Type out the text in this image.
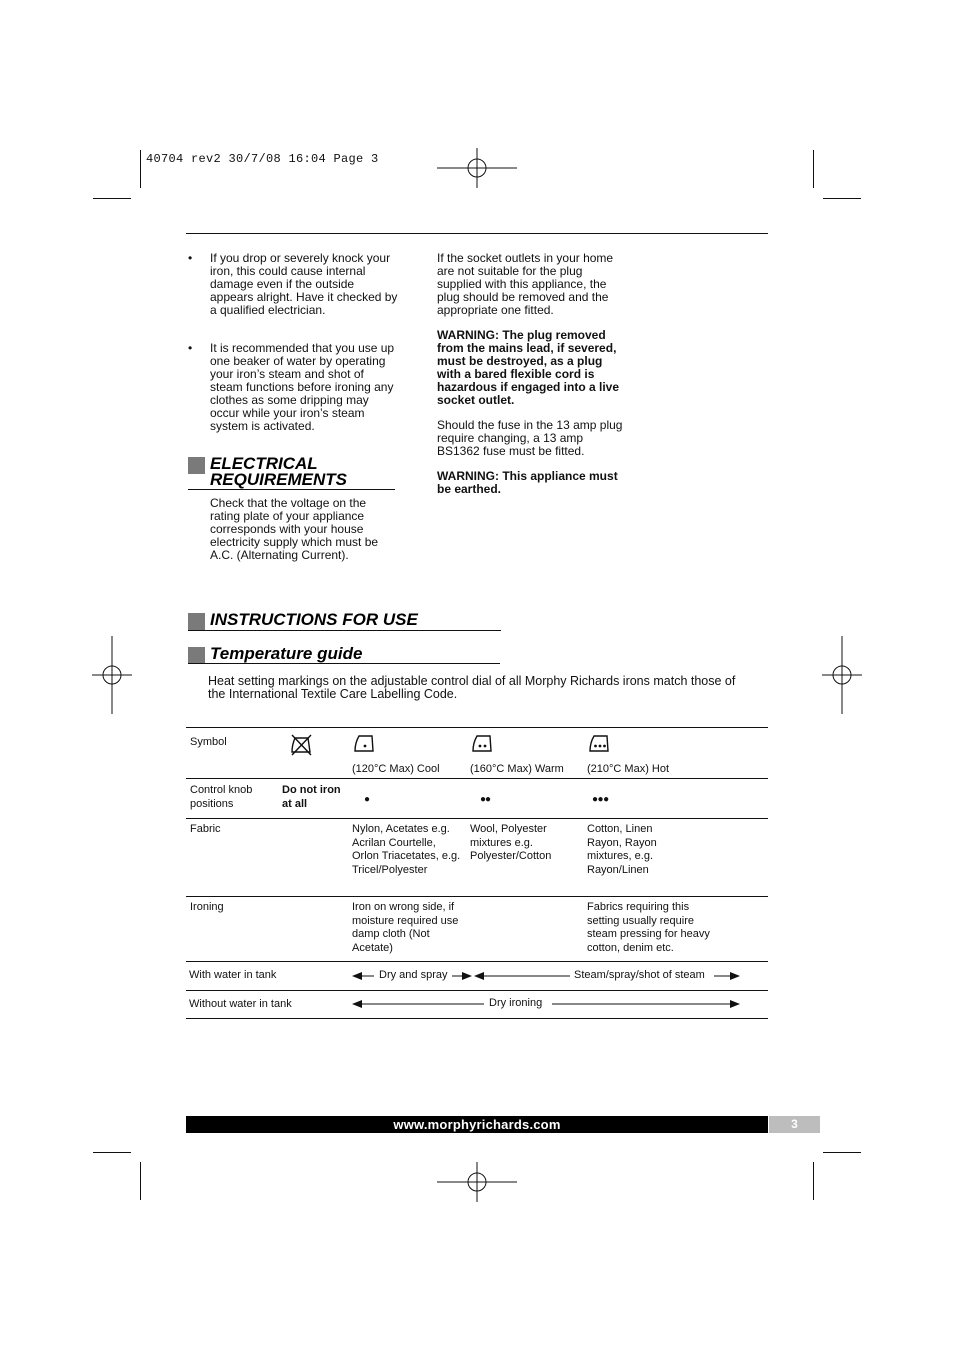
40704 rev2 30/7/08 16:04 Page 3
• If you drop or severely knock your iron, this could cause internal damage even if the outside appears alright. Have it checked by a qualified electrician.
• It is recommended that you use up one beaker of water by operating your iron’s steam and shot of steam functions before ironing any clothes as some dripping may occur while your iron’s steam system is activated.
ELECTRICAL REQUIREMENTS
Check that the voltage on the rating plate of your appliance corresponds with your house electricity supply which must be A.C. (Alternating Current).
If the socket outlets in your home are not suitable for the plug supplied with this appliance, the plug should be removed and the appropriate one fitted.
WARNING: The plug removed from the mains lead, if severed, must be destroyed, as a plug with a bared flexible cord is hazardous if engaged into a live socket outlet.
Should the fuse in the 13 amp plug require changing, a 13 amp BS1362 fuse must be fitted.
WARNING: This appliance must be earthed.
INSTRUCTIONS FOR USE
Temperature guide
Heat setting markings on the adjustable control dial of all Morphy Richards irons match those of the International Textile Care Labelling Code.
Symbol		(120°C Max) Cool	(160°C Max) Warm	(210°C Max) Hot

Control knob positions	Do not iron at all	●	●●	●●●
Fabric		Nylon, Acetates e.g. Acrilan Courtelle, Orlon Triacetates, e.g. Tricel/Polyester	Wool, Polyester mixtures e.g. Polyester/Cotton	Cotton, Linen Rayon, Rayon mixtures, e.g. Rayon/Linen
Ironing		Iron on wrong side, if moisture required use damp cloth (Not Acetate)		Fabrics requiring this setting usually require steam pressing for heavy cotton, denim etc.
With water in tank		Dry and spray Steam/spray/shot of steam		

Without water in tank		Dry ironing		
www.morphyrichards.com	3
